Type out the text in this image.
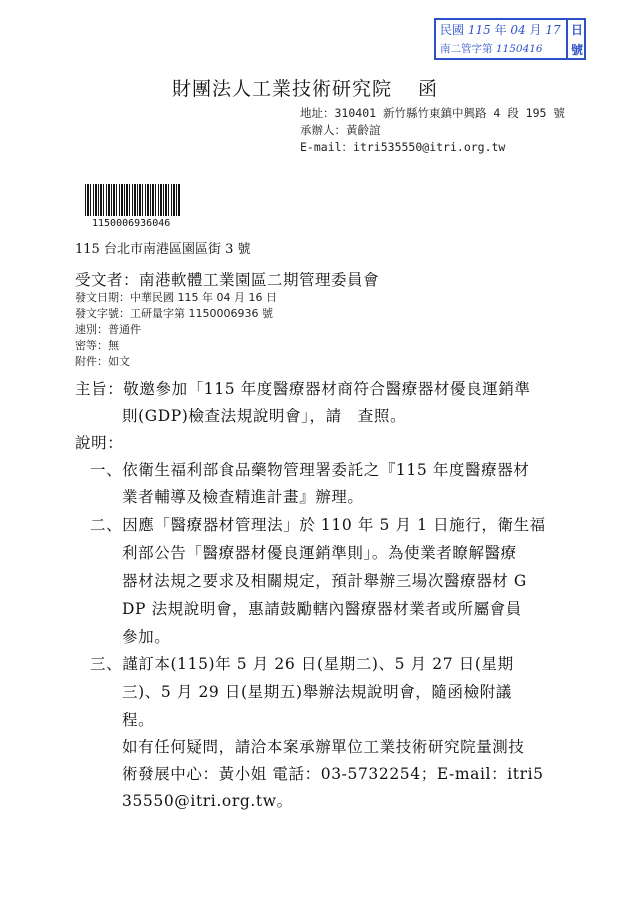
民國 115 年 04 月 17
南二管字第 1150416
日
號
財團法人工業技術研究院 函
地址：310401 新竹縣竹東鎮中興路 4 段 195 號
承辦人：黃齡誼
E-mail：itri535550@itri.org.tw
1150006936046
115 台北市南港區園區街 3 號
受文者：南港軟體工業園區二期管理委員會
發文日期：中華民國 115 年 04 月 16 日
發文字號：工研量字第 1150006936 號
速別：普通件
密等：無
附件：如文
主旨：敬邀參加「115 年度醫療器材商符合醫療器材優良運銷準
則(GDP)檢查法規說明會」，請　查照。
說明：
一、依衛生福利部食品藥物管理署委託之『115 年度醫療器材
業者輔導及檢查精進計畫』辦理。
二、因應「醫療器材管理法」於 110 年 5 月 1 日施行，衛生福
利部公告「醫療器材優良運銷準則」。為使業者瞭解醫療
器材法規之要求及相關規定，預計舉辦三場次醫療器材 G
DP 法規說明會，惠請鼓勵轄內醫療器材業者或所屬會員
參加。
三、謹訂本(115)年 5 月 26 日(星期二)、5 月 27 日(星期
三)、5 月 29 日(星期五)舉辦法規說明會，隨函檢附議
程。
如有任何疑問，請洽本案承辦單位工業技術研究院量測技
術發展中心：黃小姐 電話：03-5732254；E-mail：itri5
35550@itri.org.tw。
